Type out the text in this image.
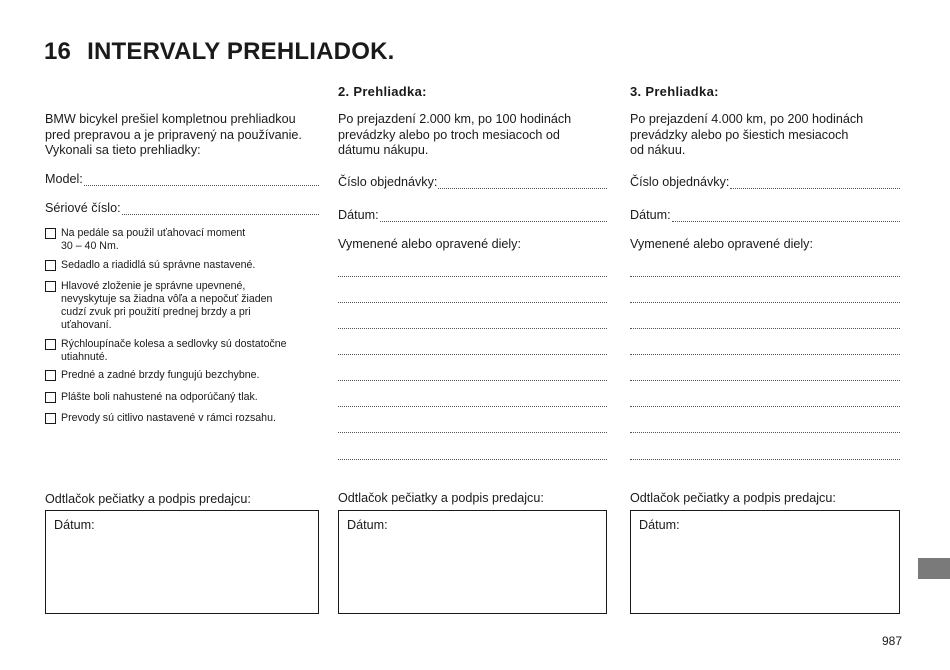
16 INTERVALY PREHLIADOK.
BMW bicykel prešiel kompletnou prehliadkou
pred prepravou a je pripravený na používanie.
Vykonali sa tieto prehliadky:
Model:
Sériové číslo:
Na pedále sa použil uťahovací moment
30 – 40 Nm.
Sedadlo a riadidlá sú správne nastavené.
Hlavové zloženie je správne upevnené,
nevyskytuje sa žiadna vôľa a nepočuť žiaden
cudzí zvuk pri použití prednej brzdy a pri
uťahovaní.
Rýchloupínače kolesa a sedlovky sú dostatočne
utiahnuté.
Predné a zadné brzdy fungujú bezchybne.
Plášte boli nahustené na odporúčaný tlak.
Prevody sú citlivo nastavené v rámci rozsahu.
Odtlačok pečiatky a podpis predajcu:
Dátum:
2. Prehliadka:
Po prejazdení 2.000 km, po 100 hodinách
prevádzky alebo po troch mesiacoch od
dátumu nákupu.
Číslo objednávky:
Dátum:
Vymenené alebo opravené diely:
Odtlačok pečiatky a podpis predajcu:
Dátum:
3. Prehliadka:
Po prejazdení 4.000 km, po 200 hodinách
prevádzky alebo po šiestich mesiacoch
od nákuu.
Číslo objednávky:
Dátum:
Vymenené alebo opravené diely:
Odtlačok pečiatky a podpis predajcu:
Dátum:
987
